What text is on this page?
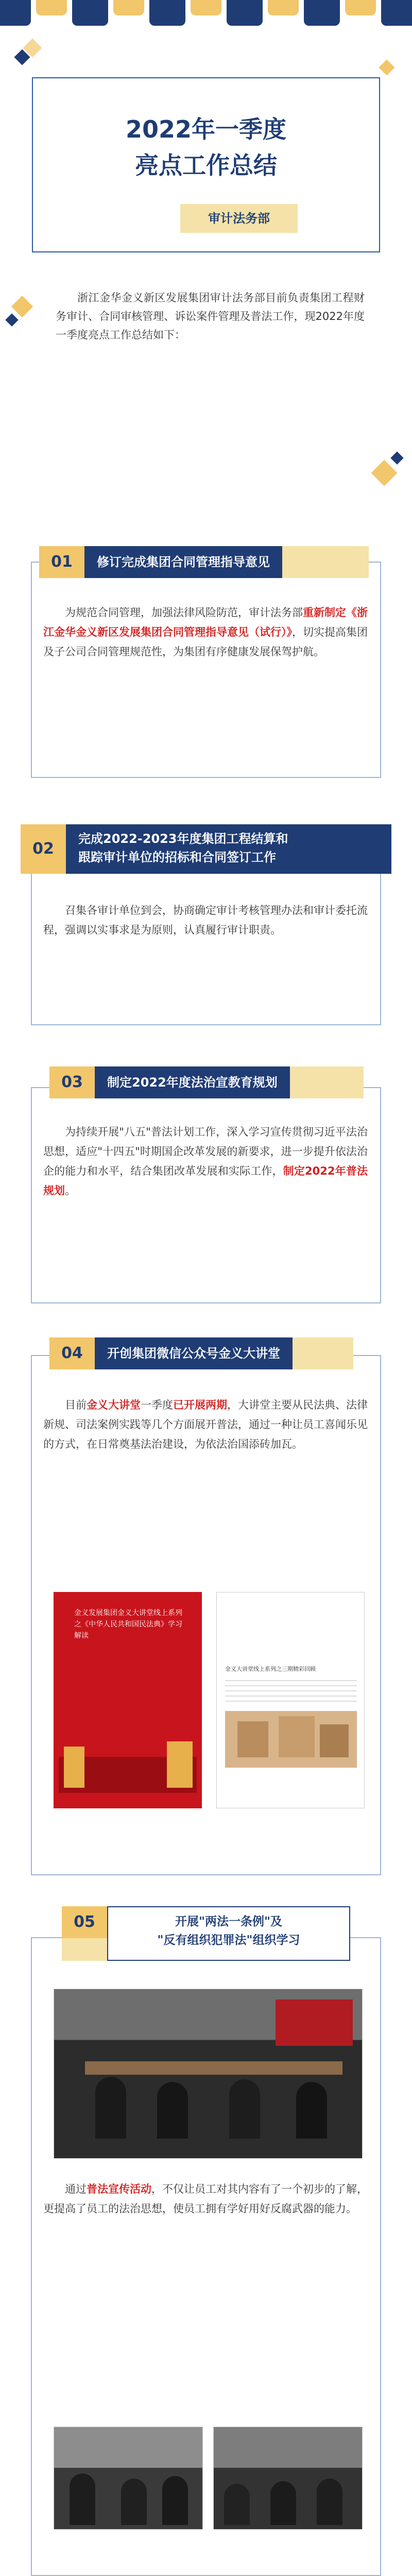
2022年一季度
亮点工作总结
审计法务部
浙江金华金义新区发展集团审计法务部目前负责集团工程财务审计、合同审核管理、诉讼案件管理及普法工作，现2022年度一季度亮点工作总结如下：
01	修订完成集团合同管理指导意见
为规范合同管理，加强法律风险防范，审计法务部重新制定《浙江金华金义新区发展集团合同管理指导意见（试行）》，切实提高集团及子公司合同管理规范性，为集团有序健康发展保驾护航。
02
完成2022-2023年度集团工程结算和
跟踪审计单位的招标和合同签订工作
召集各审计单位到会，协商确定审计考核管理办法和审计委托流程，强调以实事求是为原则，认真履行审计职责。
03	制定2022年度法治宣教育规划
为持续开展"八五"普法计划工作，深入学习宣传贯彻习近平法治思想，适应"十四五"时期国企改革发展的新要求，进一步提升依法治企的能力和水平，结合集团改革发展和实际工作，制定2022年普法规划。
04	开创集团微信公众号金义大讲堂
目前金义大讲堂一季度已开展两期，大讲堂主要从民法典、法律新规、司法案例实践等几个方面展开普法，通过一种让员工喜闻乐见的方式，在日常奠基法治建设，为依法治国添砖加瓦。
金义发展集团金义大讲堂线上系列之《中华人民共和国民法典》学习解读
金义大讲堂线上系列之三期精彩回顾
05	开展"两法一条例"及
"反有组织犯罪法"组织学习
通过普法宣传活动，不仅让员工对其内容有了一个初步的了解，更提高了员工的法治思想，使员工拥有学好用好反腐武器的能力。
